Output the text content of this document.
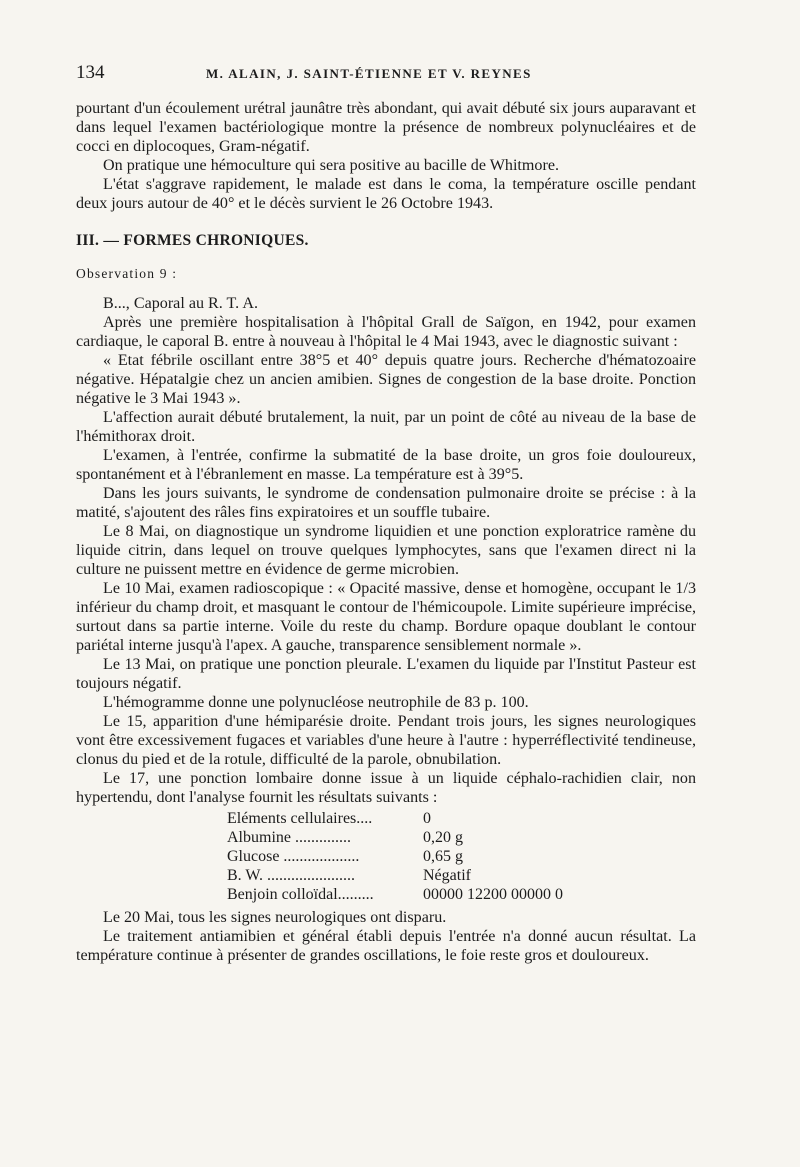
134	M. ALAIN, J. SAINT-ÉTIENNE ET V. REYNES

pourtant d'un écoulement urétral jaunâtre très abondant, qui avait débuté six jours auparavant et dans lequel l'examen bactériologique montre la présence de nombreux polynucléaires et de cocci en diplocoques, Gram-négatif.

On pratique une hémoculture qui sera positive au bacille de Whitmore.

L'état s'aggrave rapidement, le malade est dans le coma, la température oscille pendant deux jours autour de 40° et le décès survient le 26 Octobre 1943.

III. — FORMES CHRONIQUES.
Observation 9 :

B..., Caporal au R. T. A.

Après une première hospitalisation à l'hôpital Grall de Saïgon, en 1942, pour examen cardiaque, le caporal B. entre à nouveau à l'hôpital le 4 Mai 1943, avec le diagnostic suivant :

« Etat fébrile oscillant entre 38°5 et 40° depuis quatre jours. Recherche d'hématozoaire négative. Hépatalgie chez un ancien amibien. Signes de congestion de la base droite. Ponction négative le 3 Mai 1943 ».

L'affection aurait débuté brutalement, la nuit, par un point de côté au niveau de la base de l'hémithorax droit.

L'examen, à l'entrée, confirme la submatité de la base droite, un gros foie douloureux, spontanément et à l'ébranlement en masse. La température est à 39°5.

Dans les jours suivants, le syndrome de condensation pulmonaire droite se précise : à la matité, s'ajoutent des râles fins expiratoires et un souffle tubaire.

Le 8 Mai, on diagnostique un syndrome liquidien et une ponction exploratrice ramène du liquide citrin, dans lequel on trouve quelques lymphocytes, sans que l'examen direct ni la culture ne puissent mettre en évidence de germe microbien.

Le 10 Mai, examen radioscopique : « Opacité massive, dense et homogène, occupant le 1/3 inférieur du champ droit, et masquant le contour de l'hémicoupole. Limite supérieure imprécise, surtout dans sa partie interne. Voile du reste du champ. Bordure opaque doublant le contour pariétal interne jusqu'à l'apex. A gauche, transparence sensiblement normale ».

Le 13 Mai, on pratique une ponction pleurale. L'examen du liquide par l'Institut Pasteur est toujours négatif.

L'hémogramme donne une polynucléose neutrophile de 83 p. 100.

Le 15, apparition d'une hémiparésie droite. Pendant trois jours, les signes neurologiques vont être excessivement fugaces et variables d'une heure à l'autre : hyperréflectivité tendineuse, clonus du pied et de la rotule, difficulté de la parole, obnubilation.

Le 17, une ponction lombaire donne issue à un liquide céphalo-rachidien clair, non hypertendu, dont l'analyse fournit les résultats suivants :

Eléments cellulaires....	0
Albumine ..............	0,20 g
Glucose ...................	0,65 g
B. W. ......................	Négatif
Benjoin colloïdal.........	00000 12200 00000 0

Le 20 Mai, tous les signes neurologiques ont disparu.

Le traitement antiamibien et général établi depuis l'entrée n'a donné aucun résultat. La température continue à présenter de grandes oscillations, le foie reste gros et douloureux.
